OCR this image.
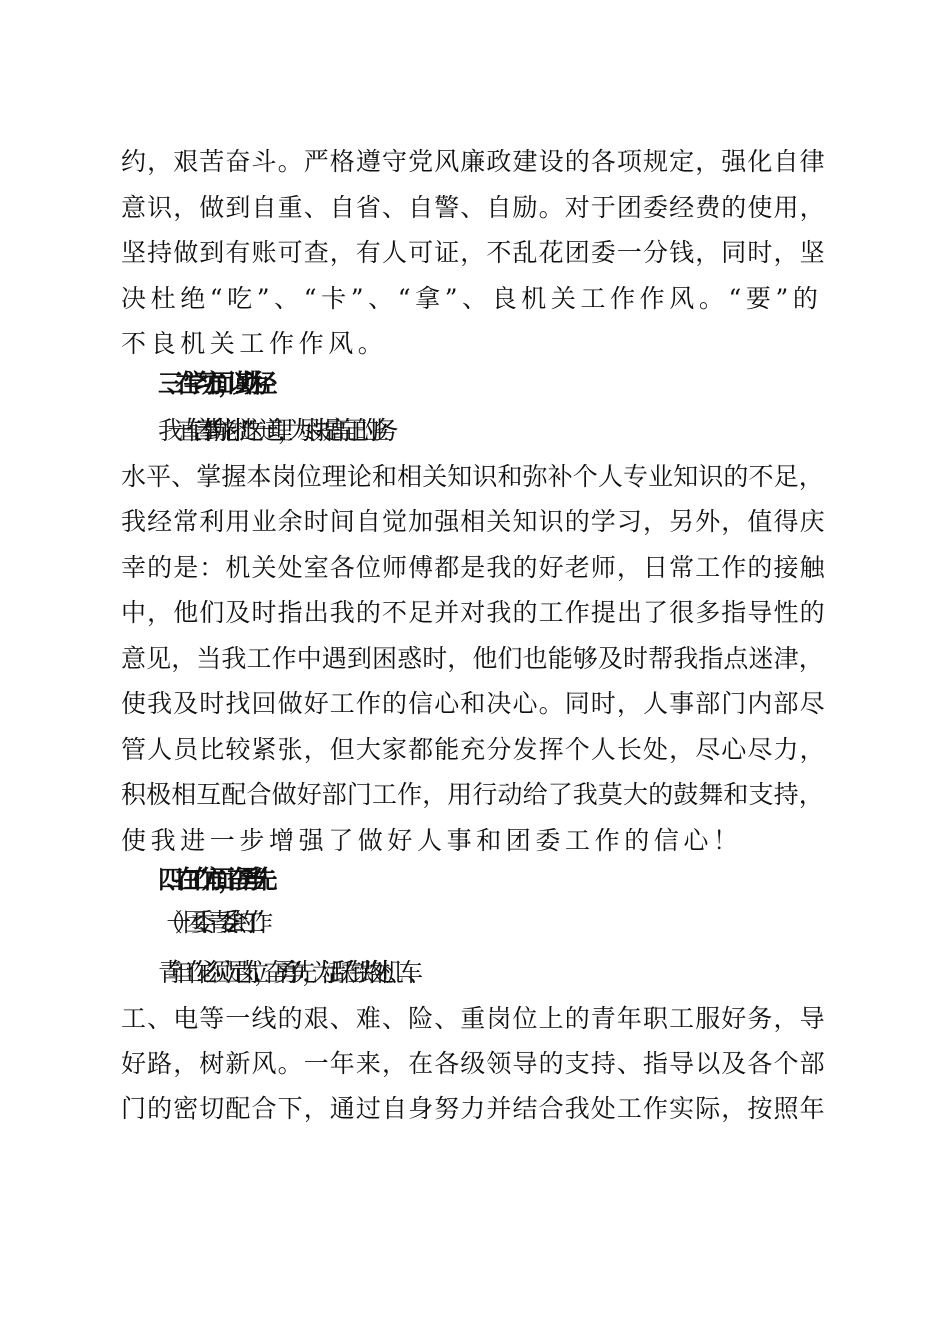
约，艰苦奋斗。严格遵守党风廉政建设的各项规定，强化自律
意识，做到自重、自省、自警、自励。对于团委经费的使用，
坚持做到有账可查，有人可证，不乱花团委一分钱，同时，坚
决杜绝“吃”、“卡”、“拿”、良机关工作作风。“要”的
不良机关工作作风。
三、在学习方面，以勤为径
我一直信奉“勤能补拙”这一道理，为尽快提高自己的业务
水平、掌握本岗位理论和相关知识和弥补个人专业知识的不足，
我经常利用业余时间自觉加强相关知识的学习，另外，值得庆
幸的是：机关处室各位师傅都是我的好老师，日常工作的接触
中，他们及时指出我的不足并对我的工作提出了很多指导性的
意见，当我工作中遇到困惑时，他们也能够及时帮我指点迷津，
使我及时找回做好工作的信心和决心。同时，人事部门内部尽
管人员比较紧张，但大家都能充分发挥个人长处，尽心尽力，
积极相互配合做好部门工作，用行动给了我莫大的鼓舞和支持，
使我进一步增强了做好人事和团委工作的信心！
四、在工作方面，奋勇当先
（一）团委、青委会的工作
青年工作必须立足岗位，奋勇争先，为活跃在铁路处机、车、
工、电等一线的艰、难、险、重岗位上的青年职工服好务，导
好路，树新风。一年来，在各级领导的支持、指导以及各个部
门的密切配合下，通过自身努力并结合我处工作实际，按照年
